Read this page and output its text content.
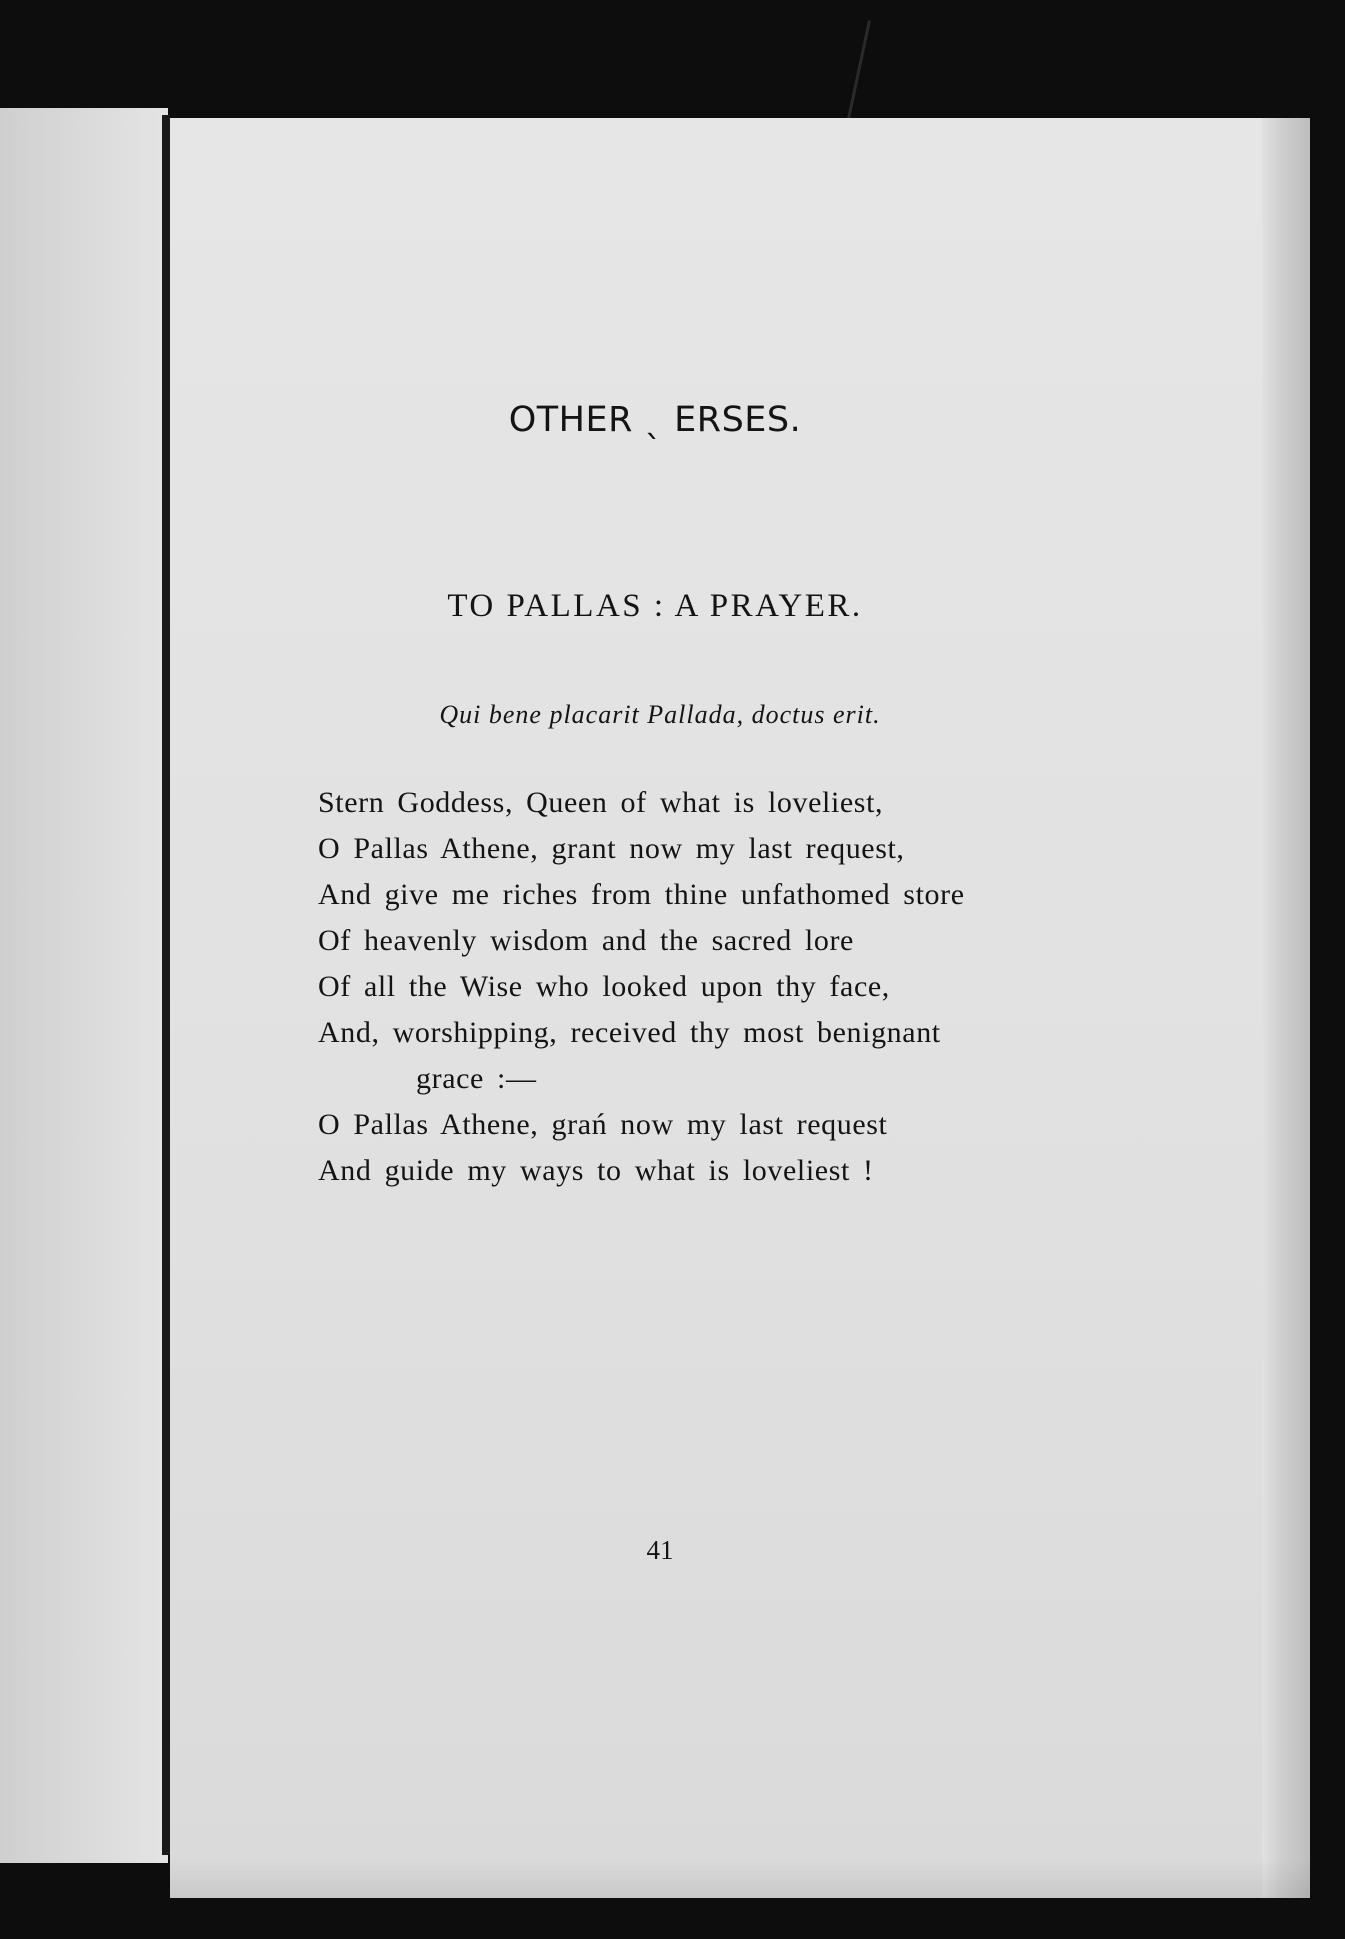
OTHER ˎ ERSES.
TO PALLAS : A PRAYER.
Qui bene placarit Pallada, doctus erit.
Stern Goddess, Queen of what is loveliest,
O Pallas Athene, grant now my last request,
And give me riches from thine unfathomed store
Of heavenly wisdom and the sacred lore
Of all the Wise who looked upon thy face,
And, worshipping, received thy most benignant
grace :—
O Pallas Athene, grań now my last request
And guide my ways to what is loveliest !
41
